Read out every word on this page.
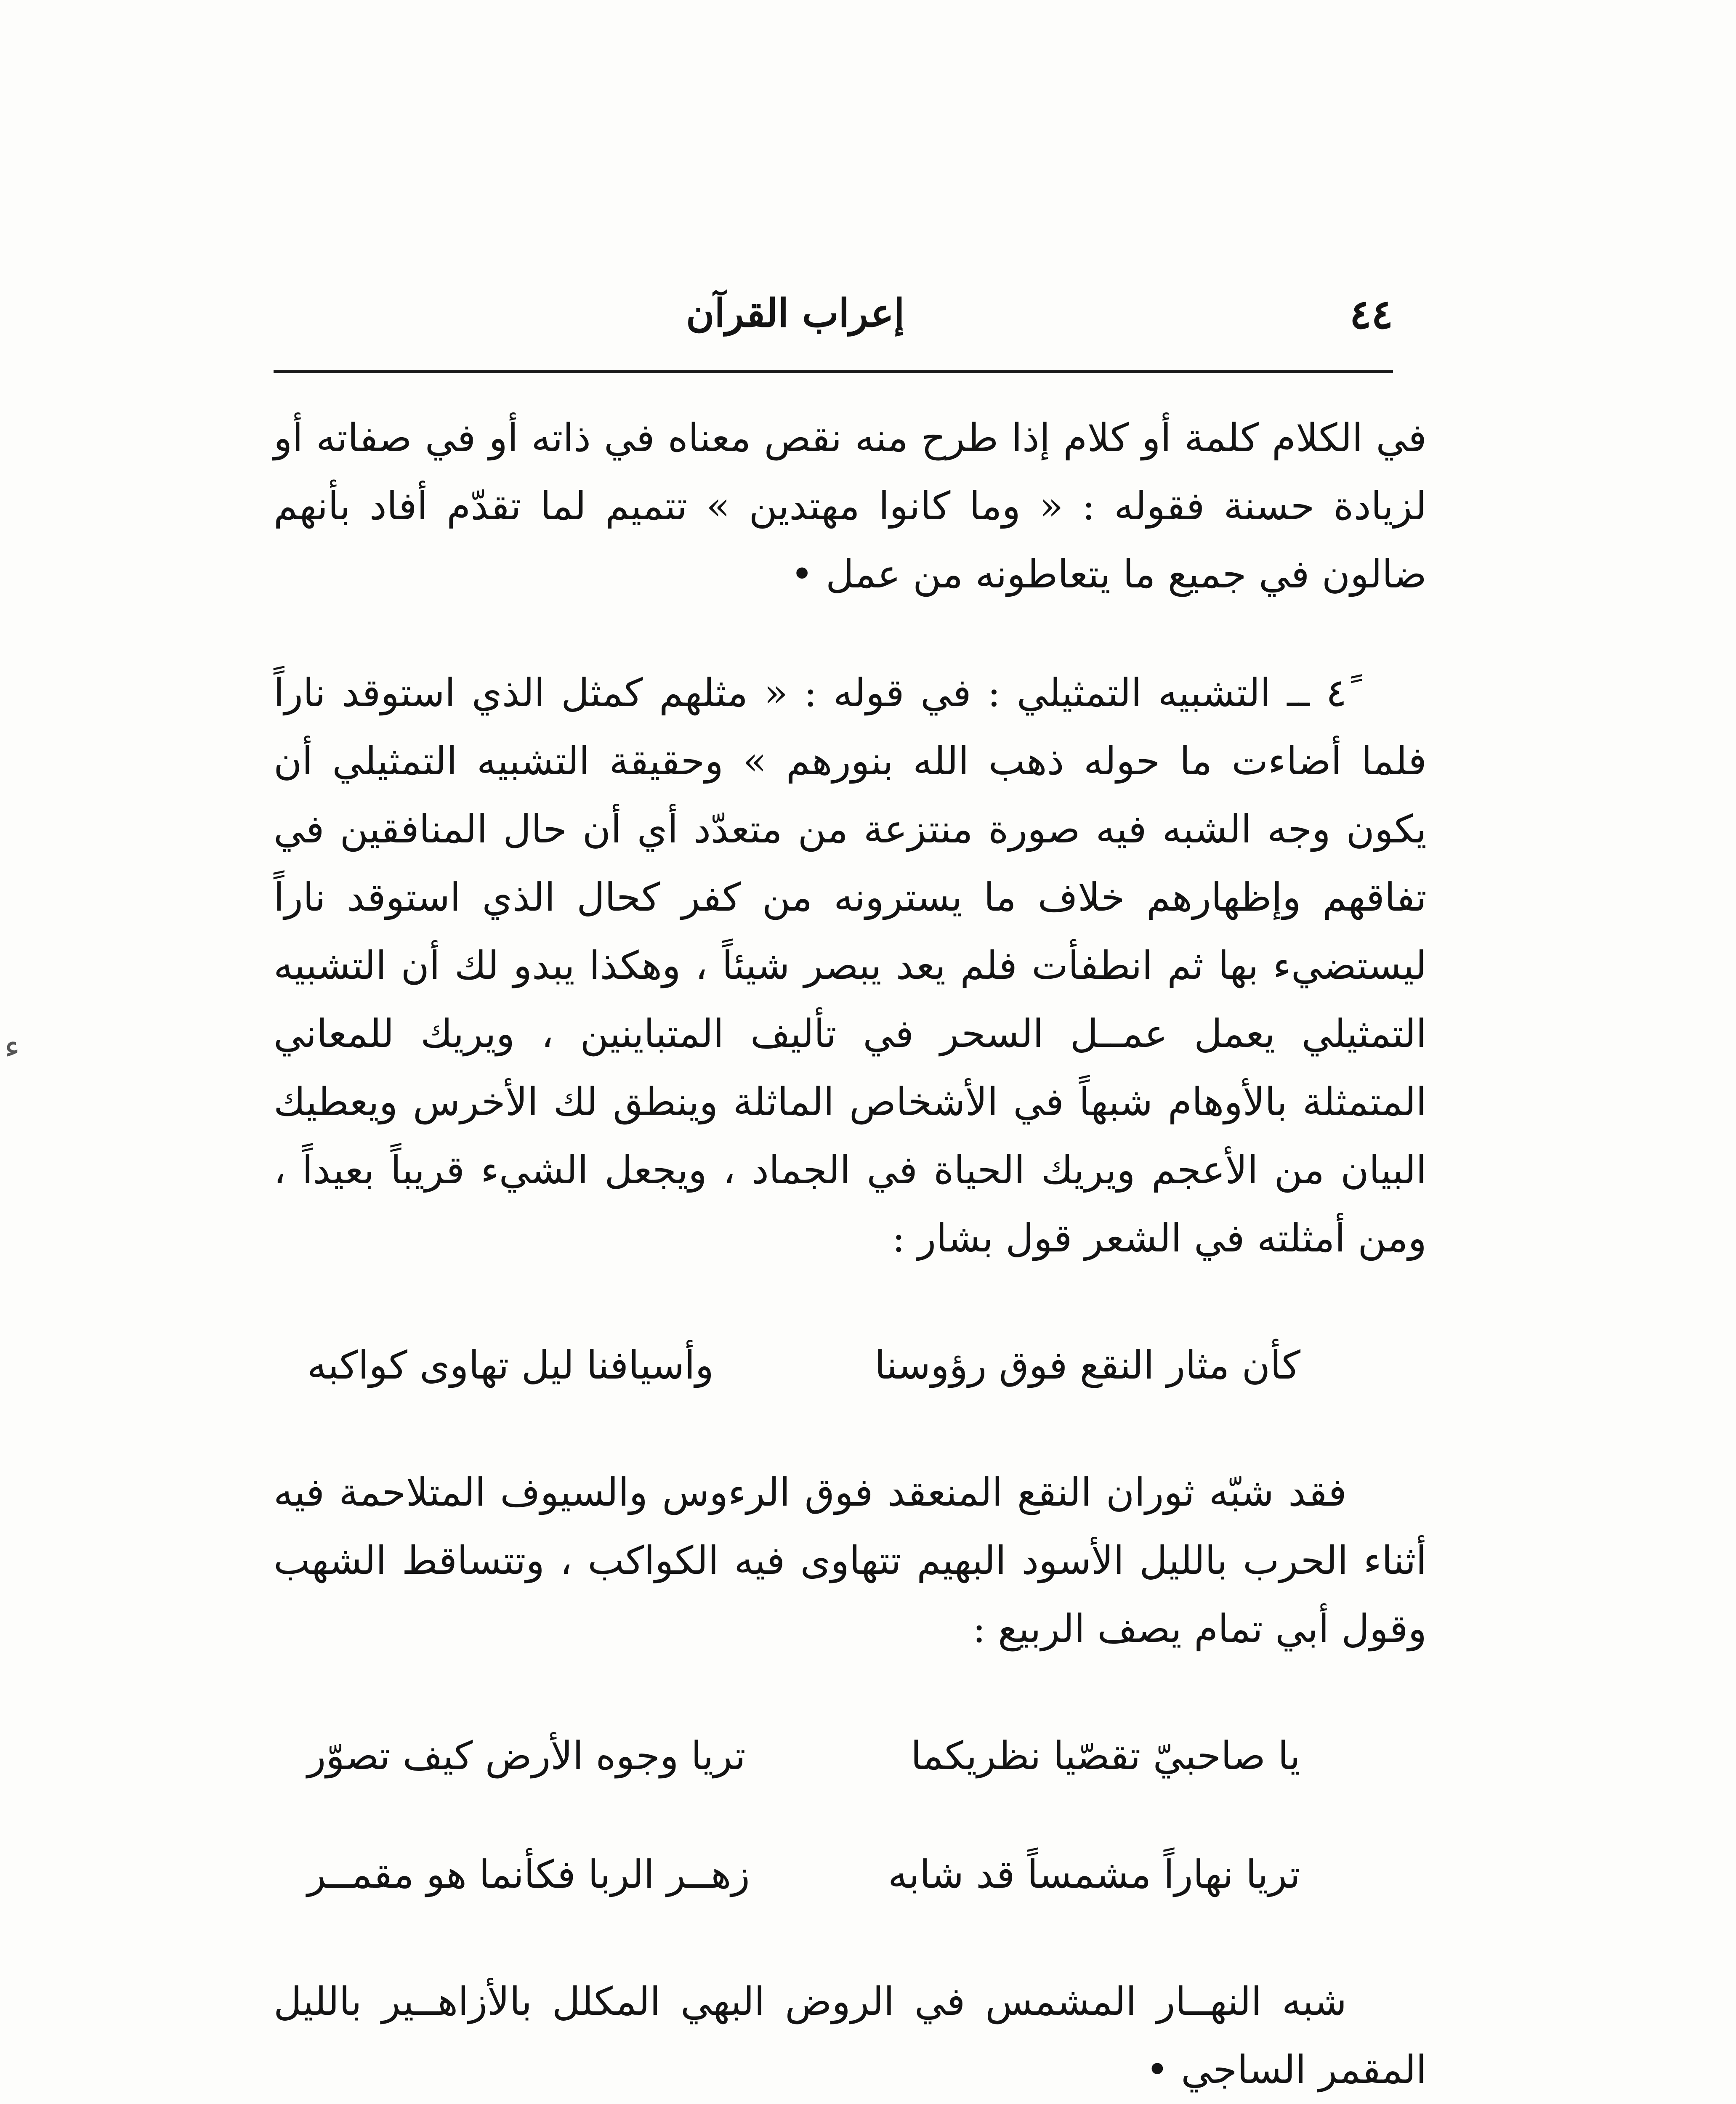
إعراب القرآن	٤٤
ﺀ

في الكلام كلمة أو كلام إذا طرح منه نقص معناه في ذاته أو في صفاته أو لزيادة حسنة فقوله : « وما كانوا مهتدين » تتميم لما تقدّم أفاد بأنهم ضالون في جميع ما يتعاطونه من عمل •

٤ً ــ التشبيه التمثيلي : في قوله : « مثلهم كمثل الذي استوقد ناراً فلما أضاءت ما حوله ذهب الله بنورهم » وحقيقة التشبيه التمثيلي أن يكون وجه الشبه فيه صورة منتزعة من متعدّد أي أن حال المنافقين في تفاقهم وإظهارهم خلاف ما يسترونه من كفر كحال الذي استوقد ناراً ليستضيء بها ثم انطفأت فلم يعد يبصر شيئاً ، وهكذا يبدو لك أن التشبيه التمثيلي يعمل عمــل السحر في تأليف المتباينين ، ويريك للمعاني المتمثلة بالأوهام شبهاً في الأشخاص الماثلة وينطق لك الأخرس ويعطيك البيان من الأعجم ويريك الحياة في الجماد ، ويجعل الشيء قريباً بعيداً ، ومن أمثلته في الشعر قول بشار :

كأن مثار النقع فوق رؤوسنا
وأسيافنا ليل تهاوى كواكبه

فقد شبّه ثوران النقع المنعقد فوق الرءوس والسيوف المتلاحمة فيه أثناء الحرب بالليل الأسود البهيم تتهاوى فيه الكواكب ، وتتساقط الشهب وقول أبي تمام يصف الربيع :

يا صاحبيّ تقصّيا نظريكما
تريا وجوه الأرض كيف تصوّر
تريا نهاراً مشمساً قد شابه
زهــر الربا فكأنما هو مقمــر

شبه النهــار المشمس في الروض البهي المكلل بالأزاهــير بالليل المقمر الساجي •
